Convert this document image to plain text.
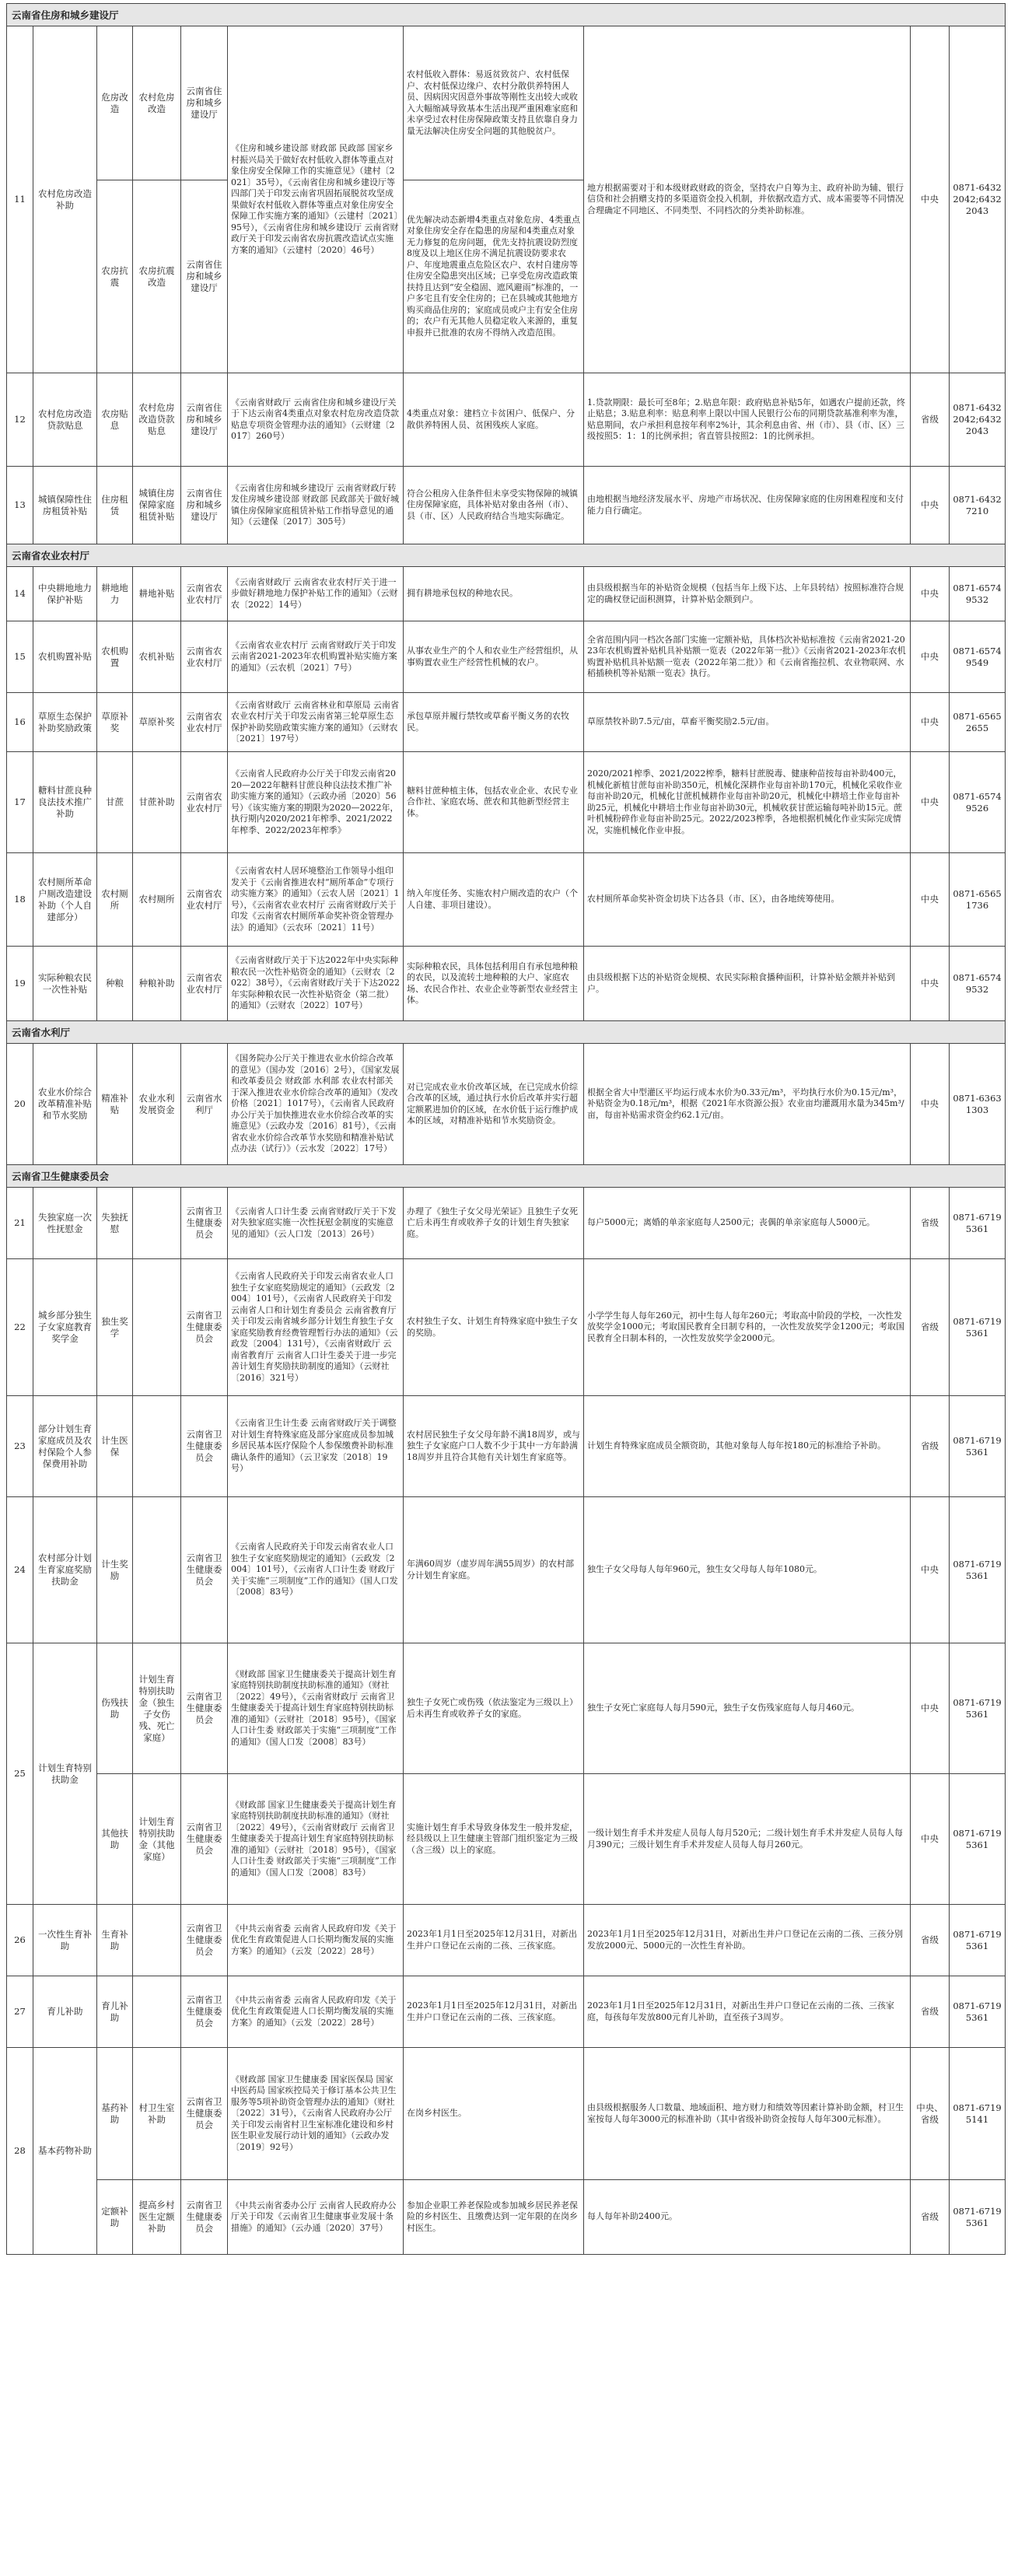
云南省住房和城乡建设厅									
11	农村危房改造补助	危房改造	农村危房改造	云南省住房和城乡建设厅	《住房和城乡建设部 财政部 民政部 国家乡村振兴局关于做好农村低收入群体等重点对象住房安全保障工作的实施意见》（建村〔2021〕35号），《云南省住房和城乡建设厅等四部门关于印发云南省巩固拓展脱贫攻坚成果做好农村低收入群体等重点对象住房安全保障工作实施方案的通知》（云建村〔2021〕95号），《云南省住房和城乡建设厅 云南省财政厅关于印发云南省农房抗震改造试点实施方案的通知》（云建村〔2020〕46号）	农村低收入群体：易返贫致贫户、农村低保户、农村低保边缘户、农村分散供养特困人员、因病因灾因意外事故等刚性支出较大或收入大幅缩减导致基本生活出现严重困难家庭和未享受过农村住房保障政策支持且依靠自身力量无法解决住房安全问题的其他脱贫户。	地方根据需要对于和本级财政财政的资金，坚持农户自筹为主、政府补助为辅、银行信贷和社会捐赠支持的多渠道资金投入机制，并依据改造方式、成本需要等不同情况合理确定不同地区、不同类型、不同档次的分类补助标准。	中央	0871-64322042;64322043
		农房抗震	农房抗震改造	云南省住房和城乡建设厅		优先解决动态新增4类重点对象危房、4类重点对象住房安全存在隐患的房屋和4类重点对象无力修复的危房问题，优先支持抗震设防烈度8度及以上地区住房不满足抗震设防要求农户、年度地震重点危险区农户、农村自建房等住房安全隐患突出区域；已享受危房改造政策扶持且达到“安全稳固、遮风避雨”标准的，一户多宅且有安全住房的；已在县城或其他地方购买商品住房的；家庭成员或户主有安全住房的；农户有无其他人员稳定收入来源的，重复申报并已批准的农房不得纳入改造范围。			
12	农村危房改造贷款贴息	农房贴息	农村危房改造贷款贴息	云南省住房和城乡建设厅	《云南省财政厅 云南省住房和城乡建设厅关于下达云南省4类重点对象农村危房改造贷款贴息专项资金管理办法的通知》（云财建〔2017〕260号）	4类重点对象：建档立卡贫困户、低保户、分散供养特困人员、贫困残疾人家庭。	1.贷款期限：最长可至8年；2.贴息年限：政府贴息补贴5年，如遇农户提前还款，终止贴息；3.贴息利率：贴息利率上限以中国人民银行公布的同期贷款基准利率为准，贴息期间，农户承担利息按年利率2%计，其余利息由省、州（市）、县（市、区）三级按照5：1：1的比例承担；省直管县按照2：1的比例承担。	省级	0871-64322042;64322043
13	城镇保障性住房租赁补贴	住房租赁	城镇住房保障家庭租赁补贴	云南省住房和城乡建设厅	《云南省住房和城乡建设厅 云南省财政厅转发住房城乡建设部 财政部 民政部关于做好城镇住房保障家庭租赁补贴工作指导意见的通知》（云建保〔2017〕305号）	符合公租房入住条件但未享受实物保障的城镇住房保障家庭，具体补贴对象由各州（市）、县（市、区）人民政府结合当地实际确定。	由地根据当地经济发展水平、房地产市场状况、住房保障家庭的住房困难程度和支付能力自行确定。	中央	0871-64327210
云南省农业农村厅									
14	中央耕地地力保护补贴	耕地地力	耕地补贴	云南省农业农村厅	《云南省财政厅 云南省农业农村厅关于进一步做好耕地地力保护补贴工作的通知》（云财农〔2022〕14号）	拥有耕地承包权的种地农民。	由县级根据当年的补贴资金规模（包括当年上级下达、上年县转结）按照标准符合规定的确权登记面积测算，计算补贴金额到户。	中央	0871-65749532
15	农机购置补贴	农机购置	农机补贴	云南省农业农村厅	《云南省农业农村厅 云南省财政厅关于印发云南省2021-2023年农机购置补贴实施方案的通知》（云农机〔2021〕7号）	从事农业生产的个人和农业生产经营组织，从事购置农业生产经营性机械的农户。	全省范围内同一档次各部门实施一定额补贴，具体档次补贴标准按《云南省2021-2023年农机购置补贴机具补贴额一览表（2022年第一批）》《云南省2021-2023年农机购置补贴机具补贴额一览表（2022年第二批）》和《云南省拖拉机、农业物联网、水稻插秧机等补贴额一览表》执行。	中央	0871-65749549
16	草原生态保护补助奖励政策	草原补奖	草原补奖	云南省农业农村厅	《云南省财政厅 云南省林业和草原局 云南省农业农村厅关于印发云南省第三轮草原生态保护补助奖励政策实施方案的通知》（云财农〔2021〕197号）	承包草原并履行禁牧或草畜平衡义务的农牧民。	草原禁牧补助7.5元/亩，草畜平衡奖励2.5元/亩。	中央	0871-65652655
17	糖料甘蔗良种良法技术推广补助	甘蔗	甘蔗补助	云南省农业农村厅	《云南省人民政府办公厅关于印发云南省2020—2022年糖料甘蔗良种良法技术推广补助实施方案的通知》（云政办函〔2020〕56号）《该实施方案的期限为2020—2022年，执行期内2020/2021年榨季、2021/2022年榨季、2022/2023年榨季》	糖料甘蔗种植主体，包括农业企业、农民专业合作社、家庭农场、蔗农和其他新型经营主体。	2020/2021榨季、2021/2022榨季，糖料甘蔗脱毒、健康种苗按每亩补助400元，机械化新植甘蔗每亩补助350元，机械化深耕作业每亩补助170元，机械化采收作业每亩补助20元，机械化甘蔗机械耕作业每亩补助20元，机械化中耕培土作业每亩补助25元，机械化中耕培土作业每亩补助30元，机械收获甘蔗运输每吨补助15元。蔗叶机械粉碎作业每亩补助25元。2022/2023榨季，各地根据机械化作业实际完成情况，实施机械化作业申报。	中央	0871-65749526
18	农村厕所革命户厕改造建设补助（个人自建部分）	农村厕所	农村厕所	云南省农业农村厅	《云南省农村人居环境整治工作领导小组印发关于《云南省推进农村“厕所革命”专项行动实施方案》的通知》（云农人居〔2021〕1号），《云南省农业农村厅 云南省财政厅关于印发《云南省农村厕所革命奖补资金管理办法》的通知》（云农环〔2021〕11号）	纳入年度任务、实施农村户厕改造的农户（个人自建、非项目建设）。	农村厕所革命奖补资金切块下达各县（市、区），由各地统筹使用。	中央	0871-65651736
19	实际种粮农民一次性补贴	种粮	种粮补助	云南省农业农村厅	《云南省财政厅关于下达2022年中央实际种粮农民一次性补贴资金的通知》（云财农〔2022〕38号），《云南省财政厅关于下达2022年实际种粮农民一次性补贴资金（第二批）的通知》（云财农〔2022〕107号）	实际种粮农民，具体包括利用自有承包地种粮的农民，以及流转土地种粮的大户、家庭农场、农民合作社、农业企业等新型农业经营主体。	由县级根据下达的补贴资金规模、农民实际粮食播种面积，计算补贴金额并补贴到户。	中央	0871-65749532
云南省水利厅									
20	农业水价综合改革精准补贴和节水奖励	精准补贴	农业水利发展资金	云南省水利厅	《国务院办公厅关于推进农业水价综合改革的意见》（国办发〔2016〕2号），《国家发展和改革委员会 财政部 水利部 农业农村部关于深入推进农业水价综合改革的通知》（发改价格〔2021〕1017号），《云南省人民政府办公厅关于加快推进农业水价综合改革的实施意见》（云政办发〔2016〕81号），《云南省农业水价综合改革节水奖励和精准补贴试点办法（试行）》（云水发〔2022〕17号）	对已完成农业水价改革区域，在已完成水价综合改革的区域，通过执行水价后改革并实行超定额累进加价的区域，在水价低于运行维护成本的区域，对精准补贴和节水奖励资金。	根据全省大中型灌区平均运行成本水价为0.33元/m³，平均执行水价为0.15元/m³，补贴资金为0.18元/m³，根据《2021年水资源公报》农业亩均灌溉用水量为345m³/亩，每亩补贴需求资金约62.1元/亩。	中央	0871-63631303
云南省卫生健康委员会									
21	失独家庭一次性抚慰金	失独抚慰		云南省卫生健康委员会	《云南省人口计生委 云南省财政厅关于下发对失独家庭实施一次性抚慰金制度的实施意见的通知》（云人口发〔2013〕26号）	办理了《独生子女父母光荣证》且独生子女死亡后未再生育或收养子女的计划生育失独家庭。	每户5000元；离婚的单亲家庭每人2500元；丧偶的单亲家庭每人5000元。	省级	0871-67195361
22	城乡部分独生子女家庭教育奖学金	独生奖学		云南省卫生健康委员会	《云南省人民政府关于印发云南省农业人口独生子女家庭奖励规定的通知》（云政发〔2004〕101号），《云南省人民政府关于印发云南省人口和计划生育委员会 云南省教育厅关于印发云南省城乡部分计划生育独生子女家庭奖励教育经费管理暂行办法的通知》（云政发〔2004〕131号），《云南省财政厅 云南省教育厅 云南省人口计生委关于进一步完善计划生育奖励扶助制度的通知》（云财社〔2016〕321号）	农村独生子女、计划生育特殊家庭中独生子女的奖励。	小学学生每人每年260元，初中生每人每年260元；考取高中阶段的学校，一次性发放奖学金1000元；考取国民教育全日制专科的，一次性发放奖学金1200元；考取国民教育全日制本科的，一次性发放奖学金2000元。	省级	0871-67195361
23	部分计划生育家庭成员及农村保险个人参保费用补助	计生医保		云南省卫生健康委员会	《云南省卫生计生委 云南省财政厅关于调整对计划生育特殊家庭及部分家庭成员参加城乡居民基本医疗保险个人参保缴费补助标准确认条件的通知》（云卫家发〔2018〕19号）	农村居民独生子女父母年龄不满18周岁，或与独生子女家庭户口人数不少于其中一方年龄满18周岁并且符合其他有关计划生育家庭等。	计划生育特殊家庭成员全额资助，其他对象每人每年按180元的标准给予补助。	省级	0871-67195361
24	农村部分计划生育家庭奖励扶助金	计生奖励		云南省卫生健康委员会	《云南省人民政府关于印发云南省农业人口独生子女家庭奖励规定的通知》（云政发〔2004〕101号），《云南省人口计生委 财政厅关于实施“三项制度”工作的通知》（国人口发〔2008〕83号）	年满60周岁（虚岁周年满55周岁）的农村部分计划生育家庭。	独生子女父母每人每年960元，独生女父母每人每年1080元。	中央	0871-67195361
25	计划生育特别扶助金	伤残扶助	计划生育特别扶助金（独生子女伤残、死亡家庭）	云南省卫生健康委员会	《财政部 国家卫生健康委关于提高计划生育家庭特别扶助制度扶助标准的通知》（财社〔2022〕49号），《云南省财政厅 云南省卫生健康委关于提高计划生育家庭特别扶助标准的通知》（云财社〔2018〕95号），《国家人口计生委 财政部关于实施“三项制度”工作的通知》（国人口发〔2008〕83号）	独生子女死亡或伤残（依法鉴定为三级以上）后未再生育或收养子女的家庭。	独生子女死亡家庭每人每月590元，独生子女伤残家庭每人每月460元。	中央	0871-67195361
		其他扶助	计划生育特别扶助金（其他家庭）	云南省卫生健康委员会	《财政部 国家卫生健康委关于提高计划生育家庭特别扶助制度扶助标准的通知》（财社〔2022〕49号），《云南省财政厅 云南省卫生健康委关于提高计划生育家庭特别扶助标准的通知》（云财社〔2018〕95号），《国家人口计生委 财政部关于实施“三项制度”工作的通知》（国人口发〔2008〕83号）	实施计划生育手术导致身体发生一般并发症，经县级以上卫生健康主管部门组织鉴定为三级（含三级）以上的家庭。	一级计划生育手术并发症人员每人每月520元；二级计划生育手术并发症人员每人每月390元；三级计划生育手术并发症人员每人每月260元。	中央	0871-67195361
26	一次性生育补助	生育补助		云南省卫生健康委员会	《中共云南省委 云南省人民政府印发《关于优化生育政策促进人口长期均衡发展的实施方案》的通知》（云发〔2022〕28号）	2023年1月1日至2025年12月31日，对新出生并户口登记在云南的二孩、三孩家庭。	2023年1月1日至2025年12月31日，对新出生并户口登记在云南的二孩、三孩分别发放2000元、5000元的一次性生育补助。	省级	0871-67195361
27	育儿补助	育儿补助		云南省卫生健康委员会	《中共云南省委 云南省人民政府印发《关于优化生育政策促进人口长期均衡发展的实施方案》的通知》（云发〔2022〕28号）	2023年1月1日至2025年12月31日，对新出生并户口登记在云南的二孩、三孩家庭。	2023年1月1日至2025年12月31日，对新出生并户口登记在云南的二孩、三孩家庭，每孩每年发放800元育儿补助，直至孩子3周岁。	省级	0871-67195361
28	基本药物补助	基药补助	村卫生室补助	云南省卫生健康委员会	《财政部 国家卫生健康委 国家医保局 国家中医药局 国家疾控局关于修订基本公共卫生服务等5项补助资金管理办法的通知》（财社〔2022〕31号），《云南省人民政府办公厅关于印发云南省村卫生室标准化建设和乡村医生职业发展行动计划的通知》（云政办发〔2019〕92号）	在岗乡村医生。	由县级根据服务人口数量、地域面积、地方财力和绩效等因素计算补助金额，村卫生室按每人每年3000元的标准补助（其中省级补助资金按每人每年300元标准）。	中央、省级	0871-67195141
		定额补助	提高乡村医生定额补助	云南省卫生健康委员会	《中共云南省委办公厅 云南省人民政府办公厅关于印发《云南省卫生健康事业发展十条措施》的通知》（云办通〔2020〕37号）	参加企业职工养老保险或参加城乡居民养老保险的乡村医生、且缴费达到一定年限的在岗乡村医生。	每人每年补助2400元。	省级	0871-67195361
